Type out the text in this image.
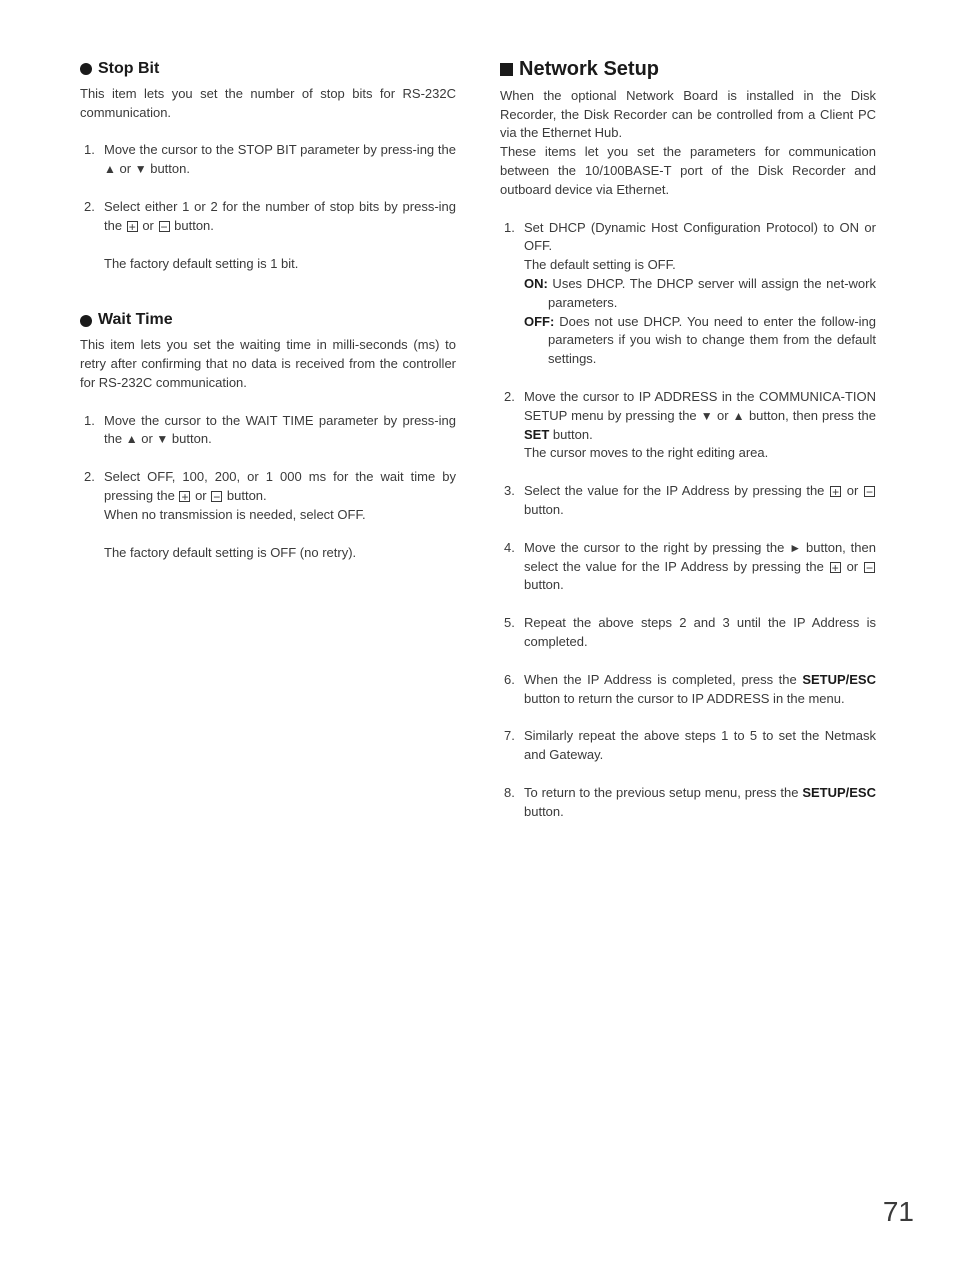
Stop Bit

This item lets you set the number of stop bits for RS-232C communication.

1. Move the cursor to the STOP BIT parameter by press-ing the ▲ or ▼ button.
2. Select either 1 or 2 for the number of stop bits by press-ing the + or − button.

The factory default setting is 1 bit.

Wait Time

This item lets you set the waiting time in milli-seconds (ms) to retry after confirming that no data is received from the controller for RS-232C communication.

1. Move the cursor to the WAIT TIME parameter by press-ing the ▲ or ▼ button.
2. Select OFF, 100, 200, or 1 000 ms for the wait time by pressing the + or − button.
When no transmission is needed, select OFF.

The factory default setting is OFF (no retry).

Network Setup

When the optional Network Board is installed in the Disk Recorder, the Disk Recorder can be controlled from a Client PC via the Ethernet Hub.

These items let you set the parameters for communication between the 10/100BASE-T port of the Disk Recorder and outboard device via Ethernet.

1. Set DHCP (Dynamic Host Configuration Protocol) to ON or OFF.
The default setting is OFF.
ON: Uses DHCP. The DHCP server will assign the net-work parameters.
OFF: Does not use DHCP. You need to enter the follow-ing parameters if you wish to change them from the default settings.
2. Move the cursor to IP ADDRESS in the COMMUNICA-TION SETUP menu by pressing the ▼ or ▲ button, then press the SET button.
The cursor moves to the right editing area.
3. Select the value for the IP Address by pressing the + or − button.
4. Move the cursor to the right by pressing the ► button, then select the value for the IP Address by pressing the + or − button.
5. Repeat the above steps 2 and 3 until the IP Address is completed.
6. When the IP Address is completed, press the SETUP/ESC button to return the cursor to IP ADDRESS in the menu.
7. Similarly repeat the above steps 1 to 5 to set the Netmask and Gateway.
8. To return to the previous setup menu, press the SETUP/ESC button.
71
